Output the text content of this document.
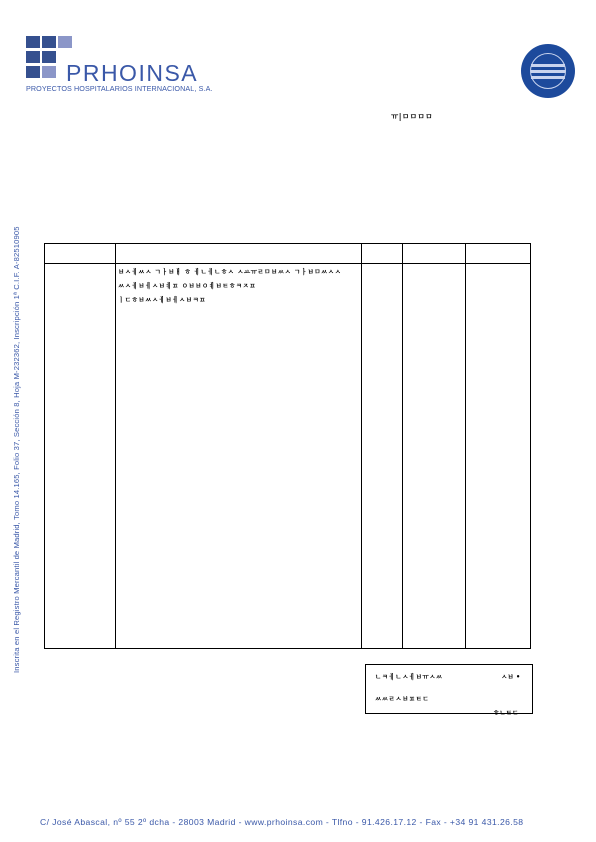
PRHOINSA
PROYECTOS HOSPITALARIOS INTERNACIONAL, S.A.
ㅠ|ㅁㅁㅁㅁ
Inscrita en el Registro Mercantil de Madrid, Tomo 14.165, Folio 37, Sección 8, Hoja M-232362, Inscripción 1ª C.I.F. A-82510905	ㅂㅅㅔㅆㅅ ㄱㅏㅂㅐ ㅎ ㅔㄴㅔㄴㅎㅅ ㅅㅛㅠㄹㅁㅂㅆㅅ ㄱㅏㅂㅁㅆㅅㅅ
ㅆㅅㅔㅂㅔㅅㅂㅖㅍ ㅇㅂㅂㅇㅖㅂㅌㅎㅋㅈㅍ
ㅣㄷㅎㅂㅆㅅㅔㅂㅔㅅㅂㅋㅍ
ㄴㅋㅔㄴㅅㅔㅂㅠㅅㅆ	ㅅㅂ •
ㅆㅆㄹㅅㅂㅍㅌㄷ
ㅎㄴㅌㄷ
C/ José Abascal, nº 55 2º dcha - 28003 Madrid - www.prhoinsa.com - Tlfno - 91.426.17.12 - Fax - +34 91 431.26.58
